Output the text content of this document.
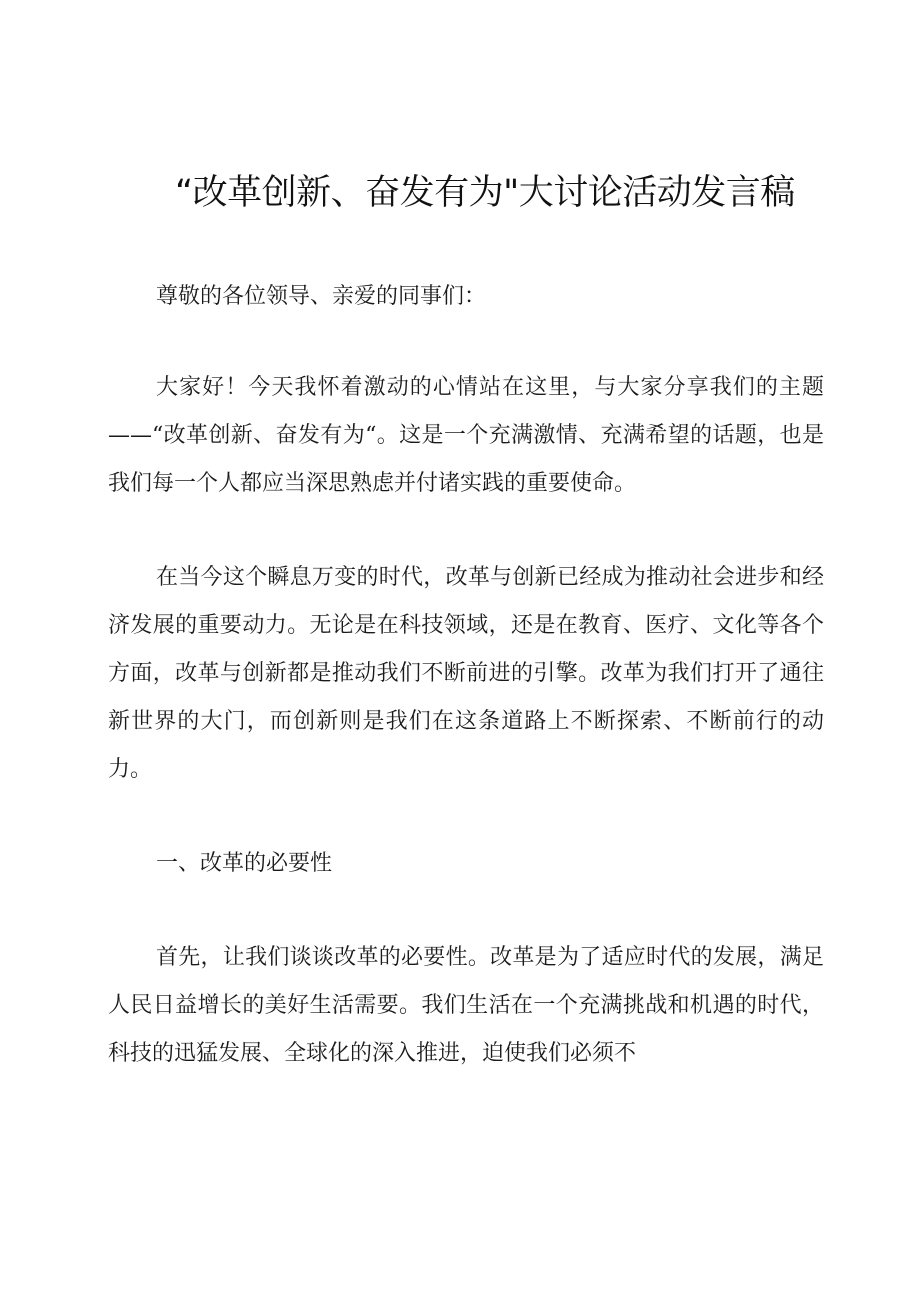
“改革创新、奋发有为"大讨论活动发言稿

尊敬的各位领导、亲爱的同事们：

大家好！今天我怀着激动的心情站在这里，与大家分享我们的主题——“改革创新、奋发有为“。这是一个充满激情、充满希望的话题，也是我们每一个人都应当深思熟虑并付诸实践的重要使命。

在当今这个瞬息万变的时代，改革与创新已经成为推动社会进步和经济发展的重要动力。无论是在科技领域，还是在教育、医疗、文化等各个方面，改革与创新都是推动我们不断前进的引擎。改革为我们打开了通往新世界的大门，而创新则是我们在这条道路上不断探索、不断前行的动力。

一、改革的必要性

首先，让我们谈谈改革的必要性。改革是为了适应时代的发展，满足人民日益增长的美好生活需要。我们生活在一个充满挑战和机遇的时代，科技的迅猛发展、全球化的深入推进，迫使我们必须不
